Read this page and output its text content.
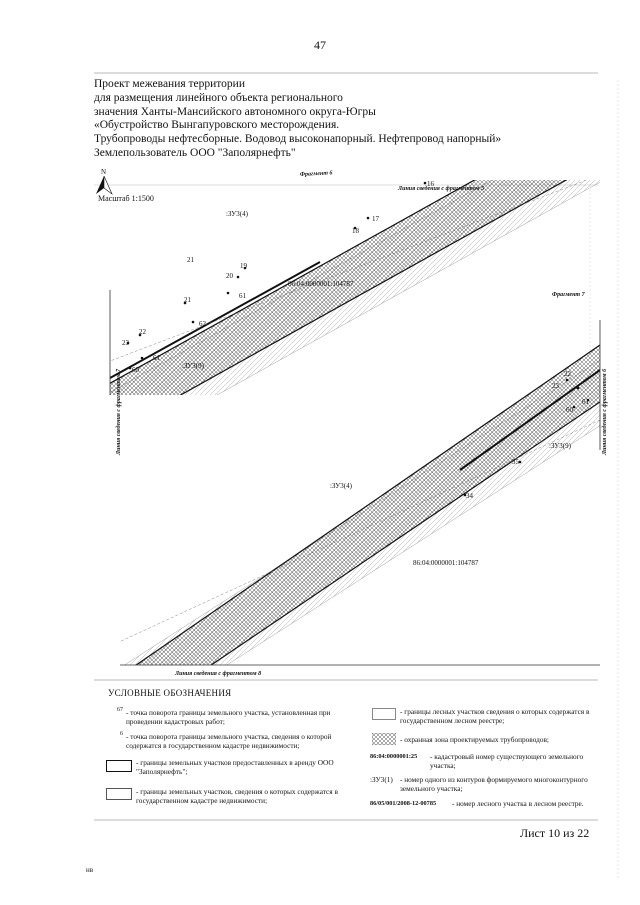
47
Проект межевания территории
для размещения линейного объекта регионального
значения Ханты-Мансийского автономного округа-Югры
«Обустройство Вынгапуровского месторождения.
Трубопроводы нефтесборные. Водовод высоконапорный. Нефтепровод напорный»
Землепользователь ООО "Заполярнефть"
N
Линия сведения с фрагментом 5
Фрагмент 6
Фрагмент 7
Линия сведения с фрагментом 7	Линия сведения с фрагментом 6
Линия сведения с фрагментом 8
:ЗУ3(4)
86:04:0000001:104787
:ЗУ3(9)
:ЗУ3(4)
86:04:0000001:104787
:ЗУ3(9)
16
17
18
19
20
21
22
23
60
61
62
61
21
22
23
60
61
35
34
Масштаб 1:1500
УСЛОВНЫЕ ОБОЗНАЧЕНИЯ
67 - точка поворота границы земельного участка, установленная при проведении кадастровых работ;
6 - точка поворота границы земельного участка, сведения о которой содержатся в государственном кадастре недвижимости;
- границы земельных участков предоставленных в аренду ООО "Заполярнефть";
- границы земельных участков, сведения о которых содержатся в государственном кадастре недвижимости;
- границы лесных участков сведения о которых содержатся в государственном лесном реестре;
- охранная зона проектируемых трубопроводов;
86:04:0000001:25 - кадастровый номер существующего земельного участка;
:ЗУ3(1) - номер одного из контуров формируемого многоконтурного земельного участка;
86/05/001/2008-12-00785 - номер лесного участка в лесном реестре.
Лист 10 из 22
нв
